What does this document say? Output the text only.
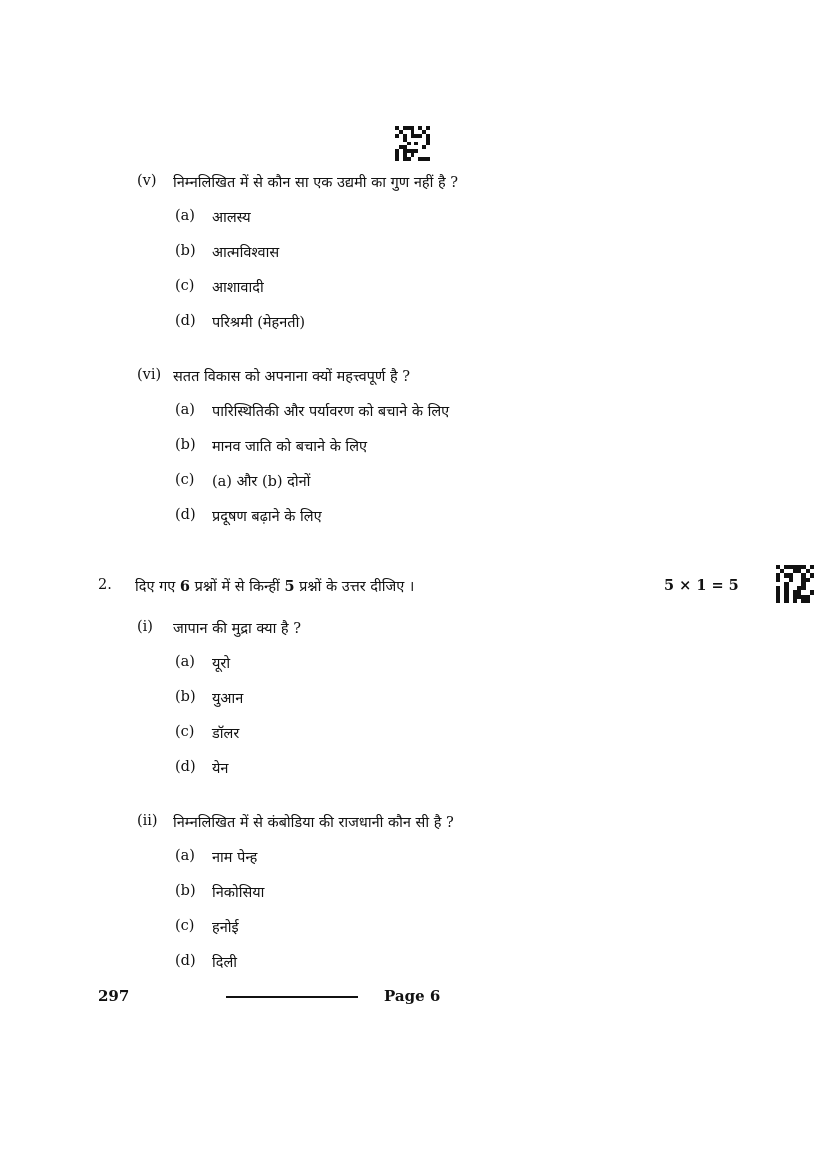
(v) निम्नलिखित में से कौन सा एक उद्यमी का गुण नहीं है ?
(a) आलस्य
(b) आत्मविश्वास
(c) आशावादी
(d) परिश्रमी (मेहनती)
(vi) सतत विकास को अपनाना क्यों महत्त्वपूर्ण है ?
(a) पारिस्थितिकी और पर्यावरण को बचाने के लिए
(b) मानव जाति को बचाने के लिए
(c) (a) और (b) दोनों
(d) प्रदूषण बढ़ाने के लिए
2. दिए गए 6 प्रश्नों में से किन्हीं 5 प्रश्नों के उत्तर दीजिए ।	5 × 1 = 5
(i) जापान की मुद्रा क्या है ?
(a) यूरो
(b) युआन
(c) डॉलर
(d) येन
(ii) निम्नलिखित में से कंबोडिया की राजधानी कौन सी है ?
(a) नाम पेन्ह
(b) निकोसिया
(c) हनोई
(d) दिली
297	Page 6
